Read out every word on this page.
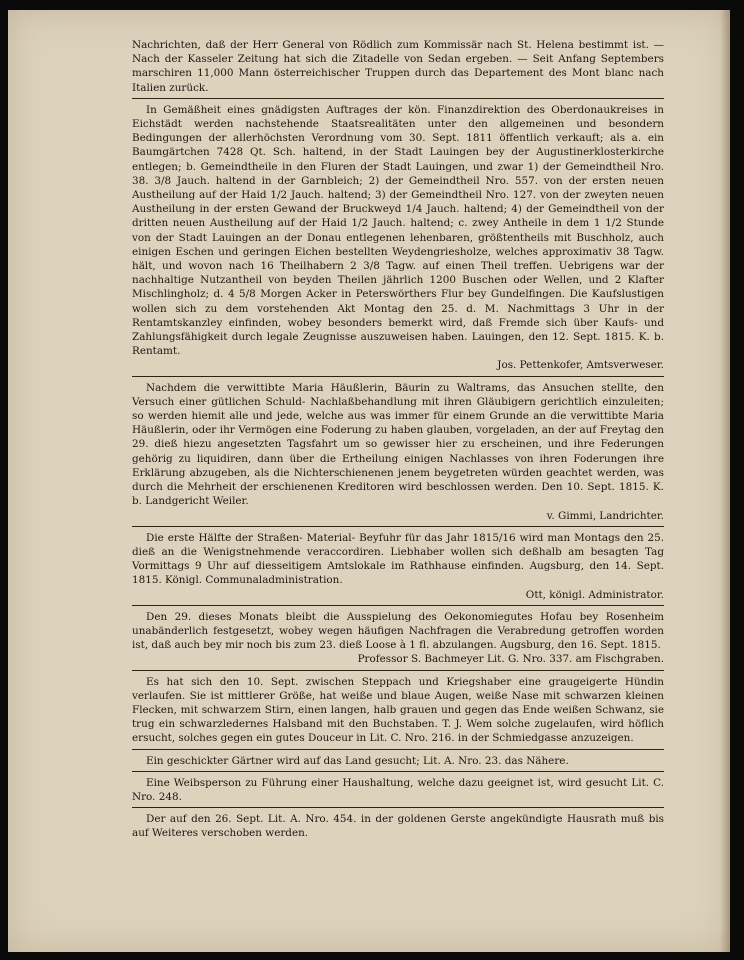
Nachrichten, daß der Herr General von Rödlich zum Kommissär nach St. Helena bestimmt ist. — Nach der Kasseler Zeitung hat sich die Zitadelle von Sedan ergeben. — Seit Anfang Septembers marschiren 11,000 Mann österreichischer Truppen durch das Departement des Mont blanc nach Italien zurück.

In Gemäßheit eines gnädigsten Auftrages der kön. Finanzdirektion des Oberdonaukreises in Eichstädt werden nachstehende Staatsrealitäten unter den allgemeinen und besondern Bedingungen der allerhöchsten Verordnung vom 30. Sept. 1811 öffentlich verkauft; als a. ein Baumgärtchen 7428 Qt. Sch. haltend, in der Stadt Lauingen bey der Augustinerklosterkirche entlegen; b. Gemeindtheile in den Fluren der Stadt Lauingen, und zwar 1) der Gemeindtheil Nro. 38. 3/8 Jauch. haltend in der Garnbleich; 2) der Gemeindtheil Nro. 557. von der ersten neuen Austheilung auf der Haid 1/2 Jauch. haltend; 3) der Gemeindtheil Nro. 127. von der zweyten neuen Austheilung in der ersten Gewand der Bruckweyd 1/4 Jauch. haltend; 4) der Gemeindtheil von der dritten neuen Austheilung auf der Haid 1/2 Jauch. haltend; c. zwey Antheile in dem 1 1/2 Stunde von der Stadt Lauingen an der Donau entlegenen lehenbaren, größtentheils mit Buschholz, auch einigen Eschen und geringen Eichen bestellten Weydengriesholze, welches approximativ 38 Tagw. hält, und wovon nach 16 Theilhabern 2 3/8 Tagw. auf einen Theil treffen. Uebrigens war der nachhaltige Nutzantheil von beyden Theilen jährlich 1200 Buschen oder Wellen, und 2 Klafter Mischlingholz; d. 4 5/8 Morgen Acker in Peterswörthers Flur bey Gundelfingen. Die Kaufslustigen wollen sich zu dem vorstehenden Akt Montag den 25. d. M. Nachmittags 3 Uhr in der Rentamtskanzley einfinden, wobey besonders bemerkt wird, daß Fremde sich über Kaufs- und Zahlungsfähigkeit durch legale Zeugnisse auszuweisen haben. Lauingen, den 12. Sept. 1815. K. b. Rentamt.
Jos. Pettenkofer, Amtsverweser.

Nachdem die verwittibte Maria Häußlerin, Bäurin zu Waltrams, das Ansuchen stellte, den Versuch einer gütlichen Schuld- Nachlaßbehandlung mit ihren Gläubigern gerichtlich einzuleiten; so werden hiemit alle und jede, welche aus was immer für einem Grunde an die verwittibte Maria Häußlerin, oder ihr Vermögen eine Foderung zu haben glauben, vorgeladen, an der auf Freytag den 29. dieß hiezu angesetzten Tagsfahrt um so gewisser hier zu erscheinen, und ihre Federungen gehörig zu liquidiren, dann über die Ertheilung einigen Nachlasses von ihren Foderungen ihre Erklärung abzugeben, als die Nichterschienenen jenem beygetreten würden geachtet werden, was durch die Mehrheit der erschienenen Kreditoren wird beschlossen werden. Den 10. Sept. 1815. K. b. Landgericht Weiler.
v. Gimmi, Landrichter.

Die erste Hälfte der Straßen- Material- Beyfuhr für das Jahr 1815/16 wird man Montags den 25. dieß an die Wenigstnehmende veraccordiren. Liebhaber wollen sich deßhalb am besagten Tag Vormittags 9 Uhr auf diesseitigem Amtslokale im Rathhause einfinden. Augsburg, den 14. Sept. 1815. Königl. Communaladministration.
Ott, königl. Administrator.

Den 29. dieses Monats bleibt die Ausspielung des Oekonomiegutes Hofau bey Rosenheim unabänderlich festgesetzt, wobey wegen häufigen Nachfragen die Verabredung getroffen worden ist, daß auch bey mir noch bis zum 23. dieß Loose à 1 fl. abzulangen. Augsburg, den 16. Sept. 1815.
Professor S. Bachmeyer Lit. G. Nro. 337. am Fischgraben.

Es hat sich den 10. Sept. zwischen Steppach und Kriegshaber eine graugeigerte Hündin verlaufen. Sie ist mittlerer Größe, hat weiße und blaue Augen, weiße Nase mit schwarzen kleinen Flecken, mit schwarzem Stirn, einen langen, halb grauen und gegen das Ende weißen Schwanz, sie trug ein schwarzledernes Halsband mit den Buchstaben. T. J. Wem solche zugelaufen, wird höflich ersucht, solches gegen ein gutes Douceur in Lit. C. Nro. 216. in der Schmiedgasse anzuzeigen.

Ein geschickter Gärtner wird auf das Land gesucht; Lit. A. Nro. 23. das Nähere.

Eine Weibsperson zu Führung einer Haushaltung, welche dazu geeignet ist, wird gesucht Lit. C. Nro. 248.

Der auf den 26. Sept. Lit. A. Nro. 454. in der goldenen Gerste angekündigte Hausrath muß bis auf Weiteres verschoben werden.
